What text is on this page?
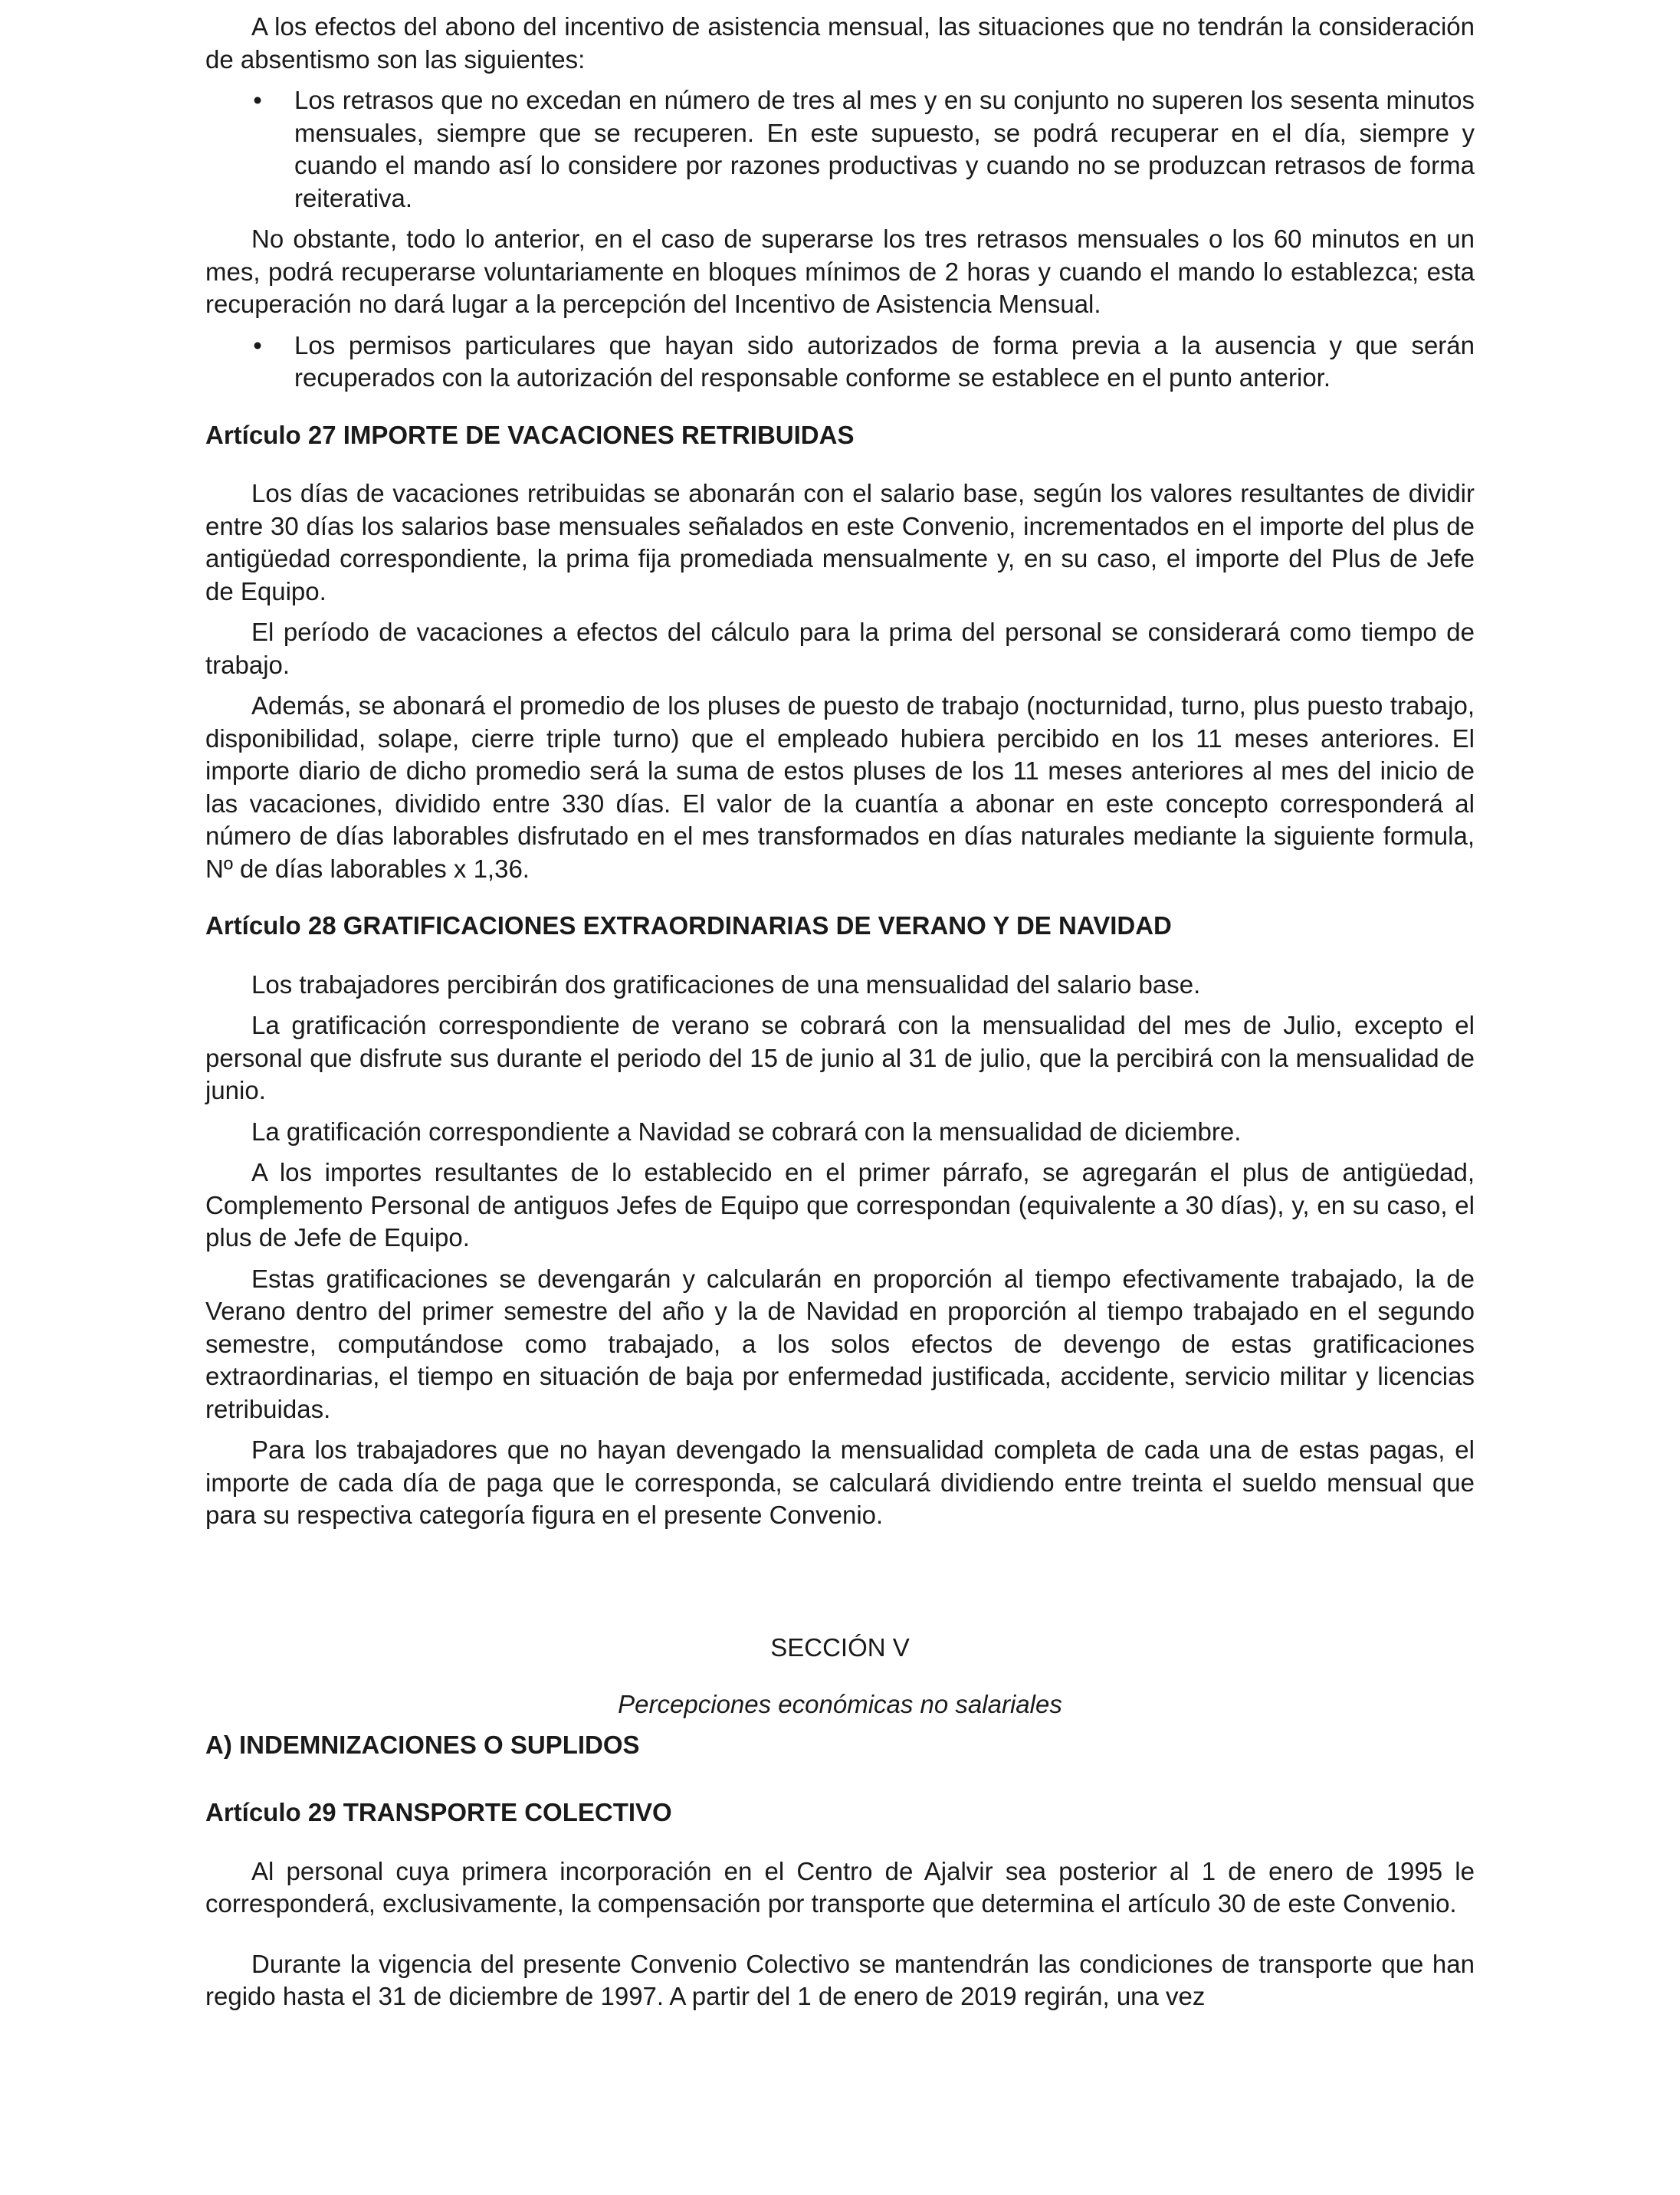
A los efectos del abono del incentivo de asistencia mensual, las situaciones que no tendrán la consideración de absentismo son las siguientes:

• Los retrasos que no excedan en número de tres al mes y en su conjunto no superen los sesenta minutos mensuales, siempre que se recuperen. En este supuesto, se podrá recuperar en el día, siempre y cuando el mando así lo considere por razones productivas y cuando no se produzcan retrasos de forma reiterativa.

No obstante, todo lo anterior, en el caso de superarse los tres retrasos mensuales o los 60 minutos en un mes, podrá recuperarse voluntariamente en bloques mínimos de 2 horas y cuando el mando lo establezca; esta recuperación no dará lugar a la percepción del Incentivo de Asistencia Mensual.

• Los permisos particulares que hayan sido autorizados de forma previa a la ausencia y que serán recuperados con la autorización del responsable conforme se establece en el punto anterior.

Artículo 27 IMPORTE DE VACACIONES RETRIBUIDAS

Los días de vacaciones retribuidas se abonarán con el salario base, según los valores resultantes de dividir entre 30 días los salarios base mensuales señalados en este Convenio, incrementados en el importe del plus de antigüedad correspondiente, la prima fija promediada mensualmente y, en su caso, el importe del Plus de Jefe de Equipo.

El período de vacaciones a efectos del cálculo para la prima del personal se considerará como tiempo de trabajo.

Además, se abonará el promedio de los pluses de puesto de trabajo (nocturnidad, turno, plus puesto trabajo, disponibilidad, solape, cierre triple turno) que el empleado hubiera percibido en los 11 meses anteriores. El importe diario de dicho promedio será la suma de estos pluses de los 11 meses anteriores al mes del inicio de las vacaciones, dividido entre 330 días. El valor de la cuantía a abonar en este concepto corresponderá al número de días laborables disfrutado en el mes transformados en días naturales mediante la siguiente formula, Nº de días laborables x 1,36.

Artículo 28 GRATIFICACIONES EXTRAORDINARIAS DE VERANO Y DE NAVIDAD

Los trabajadores percibirán dos gratificaciones de una mensualidad del salario base.

La gratificación correspondiente de verano se cobrará con la mensualidad del mes de Julio, excepto el personal que disfrute sus durante el periodo del 15 de junio al 31 de julio, que la percibirá con la mensualidad de junio.

La gratificación correspondiente a Navidad se cobrará con la mensualidad de diciembre.

A los importes resultantes de lo establecido en el primer párrafo, se agregarán el plus de antigüedad, Complemento Personal de antiguos Jefes de Equipo que correspondan (equivalente a 30 días), y, en su caso, el plus de Jefe de Equipo.

Estas gratificaciones se devengarán y calcularán en proporción al tiempo efectivamente trabajado, la de Verano dentro del primer semestre del año y la de Navidad en proporción al tiempo trabajado en el segundo semestre, computándose como trabajado, a los solos efectos de devengo de estas gratificaciones extraordinarias, el tiempo en situación de baja por enfermedad justificada, accidente, servicio militar y licencias retribuidas.

Para los trabajadores que no hayan devengado la mensualidad completa de cada una de estas pagas, el importe de cada día de paga que le corresponda, se calculará dividiendo entre treinta el sueldo mensual que para su respectiva categoría figura en el presente Convenio.

SECCIÓN V

Percepciones económicas no salariales

A) INDEMNIZACIONES O SUPLIDOS

Artículo 29 TRANSPORTE COLECTIVO

Al personal cuya primera incorporación en el Centro de Ajalvir sea posterior al 1 de enero de 1995 le corresponderá, exclusivamente, la compensación por transporte que determina el artículo 30 de este Convenio.

Durante la vigencia del presente Convenio Colectivo se mantendrán las condiciones de transporte que han regido hasta el 31 de diciembre de 1997. A partir del 1 de enero de 2019 regirán, una vez
